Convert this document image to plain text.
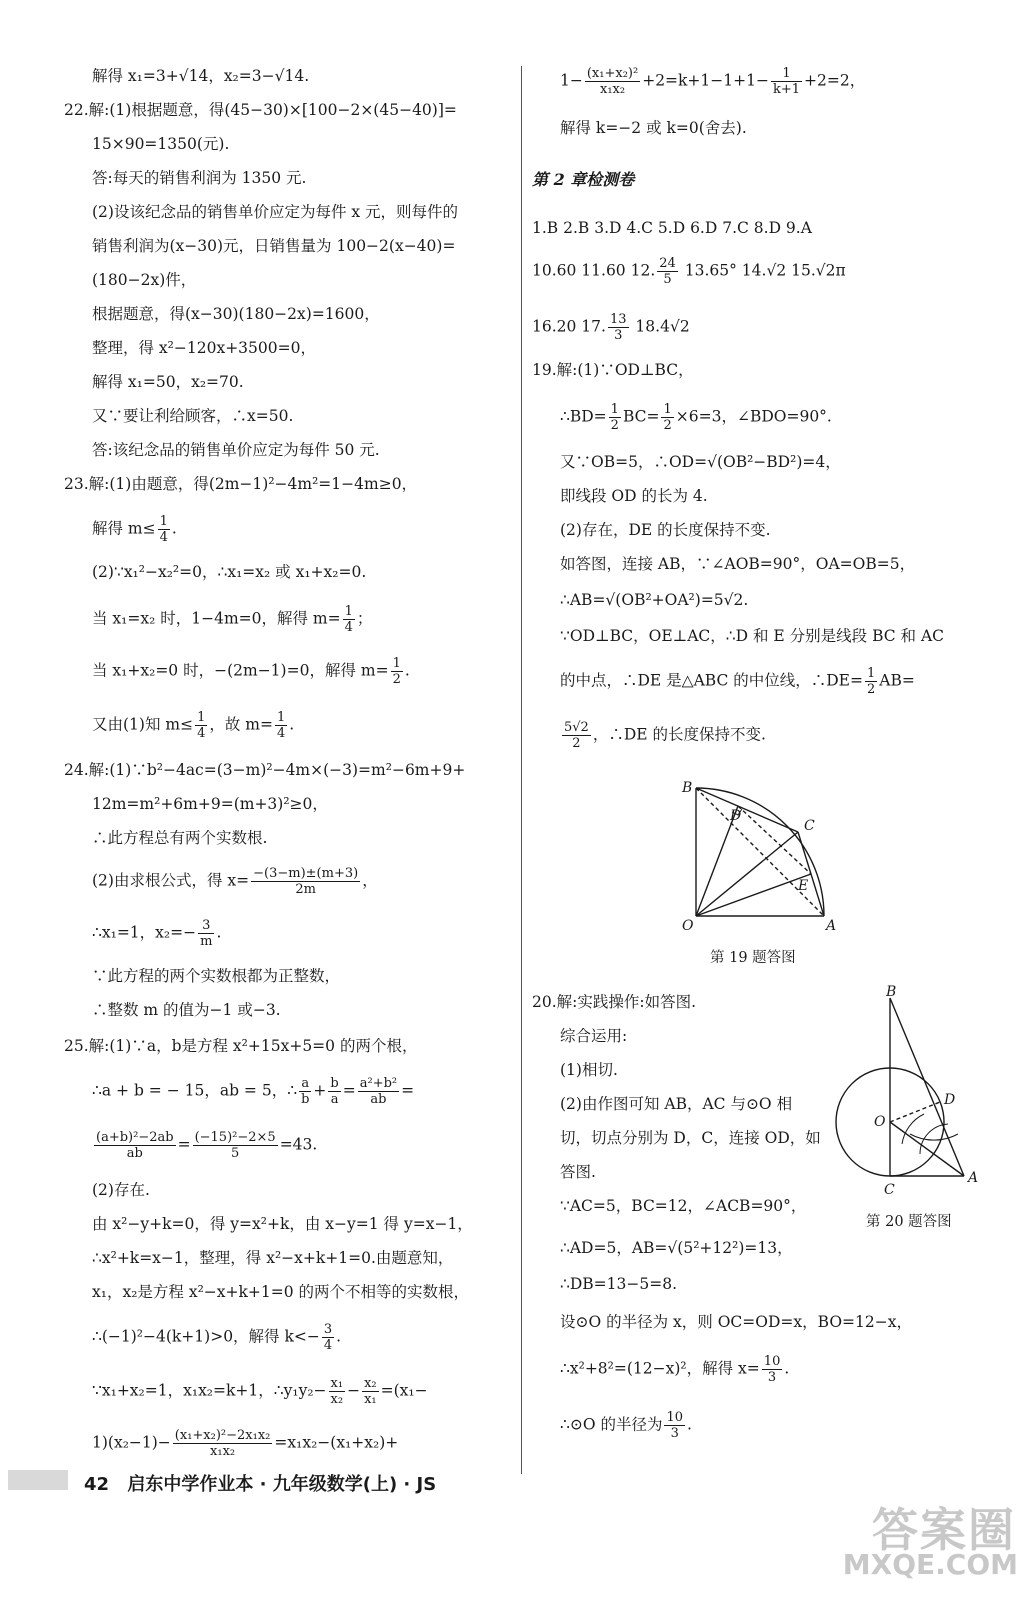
解得 x₁=3+√14，x₂=3−√14.
22.解:(1)根据题意，得(45−30)×[100−2×(45−40)]=
15×90=1350(元).
答:每天的销售利润为 1350 元.
(2)设该纪念品的销售单价应定为每件 x 元，则每件的
销售利润为(x−30)元，日销售量为 100−2(x−40)=
(180−2x)件，
根据题意，得(x−30)(180−2x)=1600，
整理，得 x²−120x+3500=0，
解得 x₁=50，x₂=70.
又∵要让利给顾客，∴x=50.
答:该纪念品的销售单价应定为每件 50 元.
23.解:(1)由题意，得(2m−1)²−4m²=1−4m≥0，
解得 $m\le \frac{1}{4}$ .
(2)∵x₁²−x₂²=0，∴x₁=x₂ 或 x₁+x₂=0.
当 x₁=x₂ 时，1−4m=0，解得 $m= \frac{1}{4}$ ；
当 x₁+x₂=0 时，−(2m−1)=0，解得 $m= \frac{1}{2}$ .
又由(1)知 $m\le \frac{1}{4}$ ，故 $m= \frac{1}{4}$ .
24.解:(1)∵b²−4ac=(3−m)²−4m×(−3)=m²−6m+9+
12m=m²+6m+9=(m+3)²≥0，
∴此方程总有两个实数根.
(2)由求根公式，得 $x= \frac{-(3-m)\pm(m+3)}{2m}$ ，
∴x₁=1，$x_2=- \frac{3}{m}$ .
∵此方程的两个实数根都为正整数，
∴整数 m 的值为−1 或−3.
25.解:(1)∵a，b是方程 x²+15x+5=0 的两个根，
∴a + b = − 15，ab = 5，∴ $\frac{a}{b} + \frac{b}{a} = \frac{\text{a²+b²}}{ab}$ =
$\frac{\text{(a+b)²−2ab}}{ab} = \frac{\text{(−15)²−2×5}}{5} =43$.
(2)存在.
由 x²−y+k=0，得 y=x²+k，由 x−y=1 得 y=x−1，
∴x²+k=x−1，整理，得 x²−x+k+1=0.由题意知，
x₁，x₂是方程 x²−x+k+1=0 的两个不相等的实数根，
∴(−1)²−4(k+1)>0，解得 $k<- \frac{3}{4}$ .
∵x₁+x₂=1，x₁x₂=k+1，∴y₁y₂− $\frac{\text{x₁}}{\text{x₂}} - \frac{\text{x₂}}{\text{x₁}} =(x_1-$
$1)(x_2-1)- \frac{\text{(x₁+x₂)²−2x₁x₂}}{\text{x₁x₂}} =x_1x_2-(x_1+x_2)+$
$1- \frac{\text{(x₁+x₂)²}}{\text{x₁x₂}} +2=k+1-1+1- \frac{1}{k+1} +2=2$，
解得 k=−2 或 k=0(舍去).
第 2 章检测卷
1.B 2.B 3.D 4.C 5.D 6.D 7.C 8.D 9.A
10.60 11.60 12. $\frac{24}{5} 13.65^\circ$ 14.√2 15.√2π
16.20 17. $\frac{13}{3} 18.4√2$
19.解:(1)∵OD⊥BC，
∴BD= $\frac{1}{2} BC= \frac{1}{2} \times 6=3$，∠BDO=90°.
又∵OB=5，∴OD=√(OB²−BD²)=4，
即线段 OD 的长为 4.
(2)存在，DE 的长度保持不变.
如答图，连接 AB，∵∠AOB=90°，OA=OB=5，
∴AB=√(OB²+OA²)=5√2.
∵OD⊥BC，OE⊥AC，∴D 和 E 分别是线段 BC 和 AC
的中点，∴DE 是△ABC 的中位线，∴DE= $\frac{1}{2} AB=$
$\frac{5√2}{2}$ ，∴DE 的长度保持不变.
B
D
C
E
O	A
第 19 题答图
20.解:实践操作:如答图.
综合运用:
(1)相切.
(2)由作图可知 AB，AC 与⊙O 相
切，切点分别为 D，C，连接 OD，如
答图.
∵AC=5，BC=12，∠ACB=90°，
B
D
O
C
A
第 20 题答图
∴AD=5，AB=√(5²+12²)=13，
∴DB=13−5=8.
设⊙O 的半径为 x，则 OC=OD=x，BO=12−x，
∴x²+8²=(12−x)²，解得 $x= \frac{10}{3}$ .
∴⊙O 的半径为 $\frac{10}{3}$ .
42 启东中学作业本 · 九年级数学(上) · JS
答案圈
MXQE.COM
